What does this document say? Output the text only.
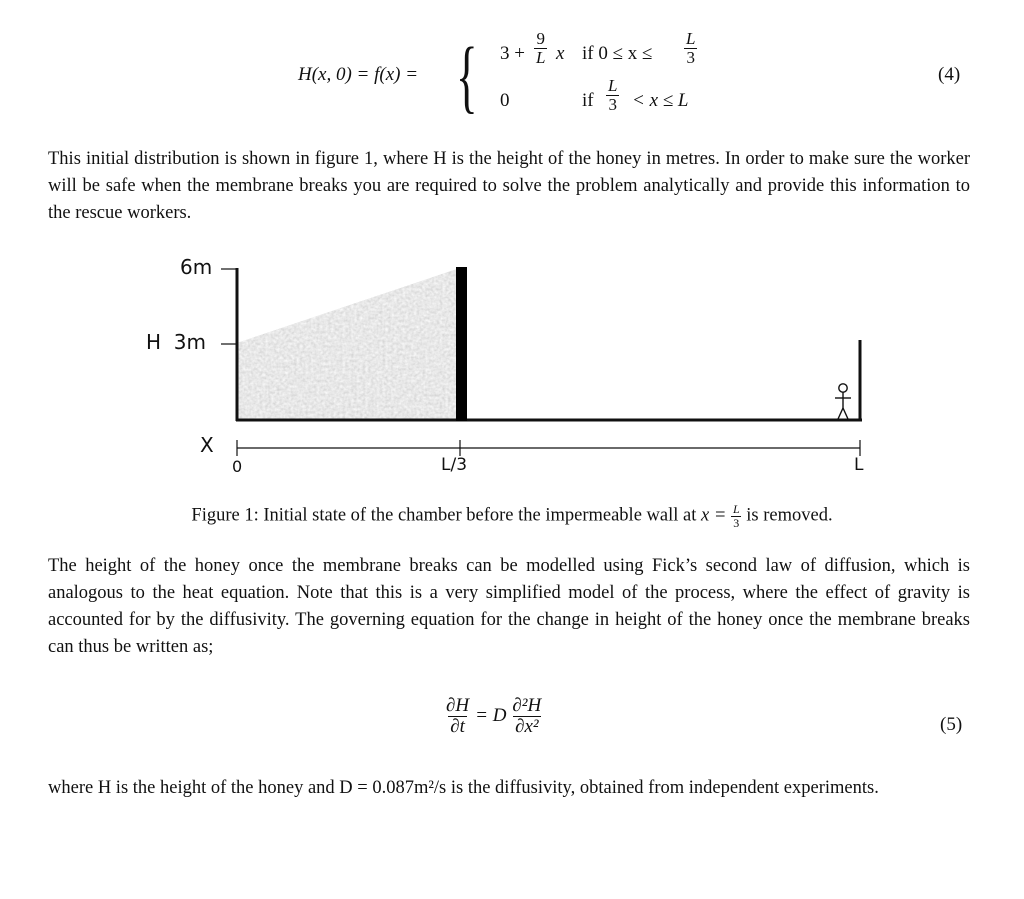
H(x, 0) = f(x) = { $3 + \frac{9}{L}$ x if $0 \le x \le \frac{L}{3}$
0	if $\frac{L}{3} < x \le L$
(4)
This initial distribution is shown in figure 1, where H is the height of the honey in metres. In order to make sure the worker will be safe when the membrane breaks you are required to solve the problem analytically and provide this information to the rescue workers.
6m
H  3m
X
0	L/3	L
Figure 1: Initial state of the chamber before the impermeable wall at $x = \frac{L}{3}$ is removed.
The height of the honey once the membrane breaks can be modelled using Fick’s second law of diffusion, which is analogous to the heat equation. Note that this is a very simplified model of the process, where the effect of gravity is accounted for by the diffusivity. The governing equation for the change in height of the honey once the membrane breaks can thus be written as;
$\frac{\partial H}{\partial t} = D \frac{\text{∂²H}}{\text{∂x²}}$	(5)
where H is the height of the honey and D = 0.087m²/s is the diffusivity, obtained from independent experiments.
